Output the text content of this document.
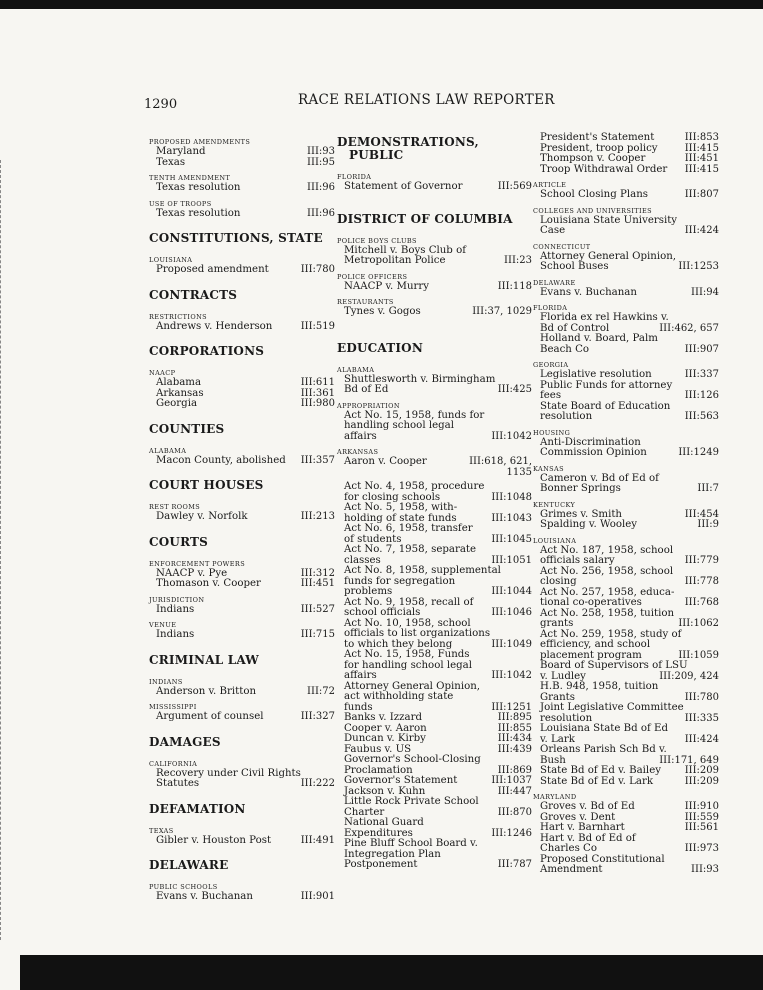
1290	RACE RELATIONS LAW REPORTER
PROPOSED AMENDMENTS
Maryland	III:93
Texas	III:95
TENTH AMENDMENT
Texas resolution	III:96
USE OF TROOPS
Texas resolution	III:96
CONSTITUTIONS, STATE
LOUISIANA
Proposed amendment	III:780
CONTRACTS
RESTRICTIONS
Andrews v. Henderson	III:519
CORPORATIONS
NAACP
Alabama	III:611
Arkansas	III:361
Georgia	III:980
COUNTIES
ALABAMA
Macon County, abolished	III:357
COURT HOUSES
REST ROOMS
Dawley v. Norfolk	III:213
COURTS
ENFORCEMENT POWERS
NAACP v. Pye	III:312
Thomason v. Cooper	III:451
JURISDICTION
Indians	III:527
VENUE
Indians	III:715
CRIMINAL LAW
INDIANS
Anderson v. Britton	III:72
MISSISSIPPI
Argument of counsel	III:327
DAMAGES
CALIFORNIA
Recovery under Civil Rights
Statutes	III:222
DEFAMATION
TEXAS
Gibler v. Houston Post	III:491
DELAWARE
PUBLIC SCHOOLS
Evans v. Buchanan	III:901
DEMONSTRATIONS,
PUBLIC
FLORIDA
Statement of Governor	III:569
DISTRICT OF COLUMBIA
POLICE BOYS CLUBS
Mitchell v. Boys Club of
Metropolitan Police	III:23
POLICE OFFICERS
NAACP v. Murry	III:118
RESTAURANTS
Tynes v. Gogos	III:37, 1029
EDUCATION
ALABAMA
Shuttlesworth v. Birmingham
Bd of Ed	III:425
APPROPRIATION
Act No. 15, 1958, funds for
handling school legal
affairs	III:1042
ARKANSAS
Aaron v. Cooper	III:618, 621,
1135
Act No. 4, 1958, procedure
for closing schools	III:1048
Act No. 5, 1958, with-
holding of state funds	III:1043
Act No. 6, 1958, transfer
of students	III:1045
Act No. 7, 1958, separate
classes	III:1051
Act No. 8, 1958, supplemental
funds for segregation
problems	III:1044
Act No. 9, 1958, recall of
school officials	III:1046
Act No. 10, 1958, school
officials to list organizations
to which they belong	III:1049
Act No. 15, 1958, Funds
for handling school legal
affairs	III:1042
Attorney General Opinion,
act withholding state
funds	III:1251
Banks v. Izzard	III:895
Cooper v. Aaron	III:855
Duncan v. Kirby	III:434
Faubus v. US	III:439
Governor's School-Closing
Proclamation	III:869
Governor's Statement	III:1037
Jackson v. Kuhn	III:447
Little Rock Private School
Charter	III:870
National Guard
Expenditures	III:1246
Pine Bluff School Board v.
Integregation Plan
Postponement	III:787
President's Statement	III:853
President, troop policy	III:415
Thompson v. Cooper	III:451
Troop Withdrawal Order	III:415
ARTICLE
School Closing Plans	III:807
COLLEGES AND UNIVERSITIES
Louisiana State University
Case	III:424
CONNECTICUT
Attorney General Opinion,
School Buses	III:1253
DELAWARE
Evans v. Buchanan	III:94
FLORIDA
Florida ex rel Hawkins v.
Bd of Control	III:462, 657
Holland v. Board, Palm
Beach Co	III:907
GEORGIA
Legislative resolution	III:337
Public Funds for attorney
fees	III:126
State Board of Education
resolution	III:563
HOUSING
Anti-Discrimination
Commission Opinion	III:1249
KANSAS
Cameron v. Bd of Ed of
Bonner Springs	III:7
KENTUCKY
Grimes v. Smith	III:454
Spalding v. Wooley	III:9
LOUISIANA
Act No. 187, 1958, school
officials salary	III:779
Act No. 256, 1958, school
closing	III:778
Act No. 257, 1958, educa-
tional co-operatives	III:768
Act No. 258, 1958, tuition
grants	III:1062
Act No. 259, 1958, study of
efficiency, and school
placement program	III:1059
Board of Supervisors of LSU
v. Ludley	III:209, 424
H.B. 948, 1958, tuition
Grants	III:780
Joint Legislative Committee
resolution	III:335
Louisiana State Bd of Ed
v. Lark	III:424
Orleans Parish Sch Bd v.
Bush	III:171, 649
State Bd of Ed v. Bailey	III:209
State Bd of Ed v. Lark	III:209
MARYLAND
Groves v. Bd of Ed	III:910
Groves v. Dent	III:559
Hart v. Barnhart	III:561
Hart v. Bd of Ed of
Charles Co	III:973
Proposed Constitutional
Amendment	III:93
